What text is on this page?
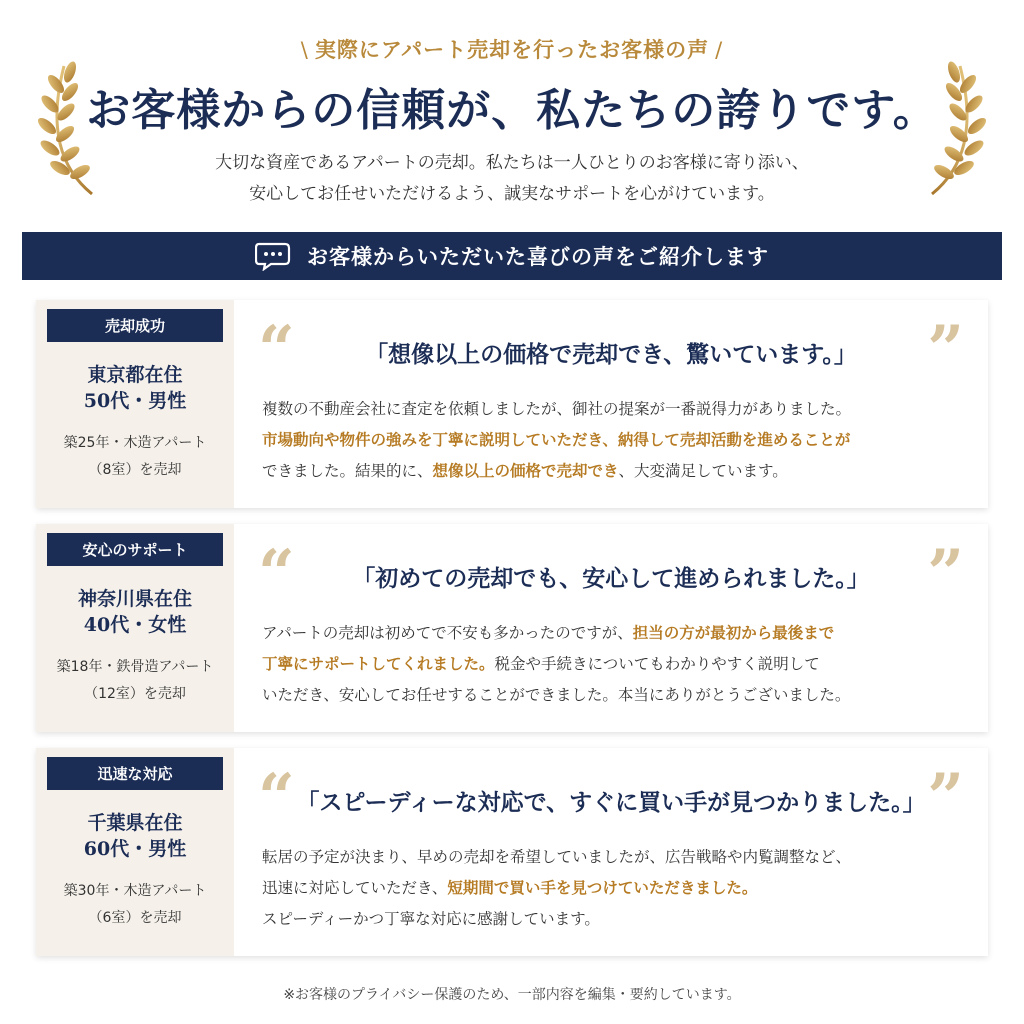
\ 実際にアパート売却を行ったお客様の声 /
お客様からの信頼が、私たちの誇りです。
大切な資産であるアパートの売却。私たちは一人ひとりのお客様に寄り添い、
安心してお任せいただけるよう、誠実なサポートを心がけています。
お客様からいただいた喜びの声をご紹介します
売却成功
東京都在住
50代・男性
築25年・木造アパート
（8室）を売却
“	”
「想像以上の価格で売却でき、驚いています。」
複数の不動産会社に査定を依頼しましたが、御社の提案が一番説得力がありました。
市場動向や物件の強みを丁寧に説明していただき、納得して売却活動を進めることが
できました。結果的に、想像以上の価格で売却でき、大変満足しています。
安心のサポート
神奈川県在住
40代・女性
築18年・鉄骨造アパート
（12室）を売却
“	”
「初めての売却でも、安心して進められました。」
アパートの売却は初めてで不安も多かったのですが、担当の方が最初から最後まで
丁寧にサポートしてくれました。税金や手続きについてもわかりやすく説明して
いただき、安心してお任せすることができました。本当にありがとうございました。
迅速な対応
千葉県在住
60代・男性
築30年・木造アパート
（6室）を売却
“	”
「スピーディーな対応で、すぐに買い手が見つかりました。」
転居の予定が決まり、早めの売却を希望していましたが、広告戦略や内覧調整など、
迅速に対応していただき、短期間で買い手を見つけていただきました。
スピーディーかつ丁寧な対応に感謝しています。
※お客様のプライバシー保護のため、一部内容を編集・要約しています。
